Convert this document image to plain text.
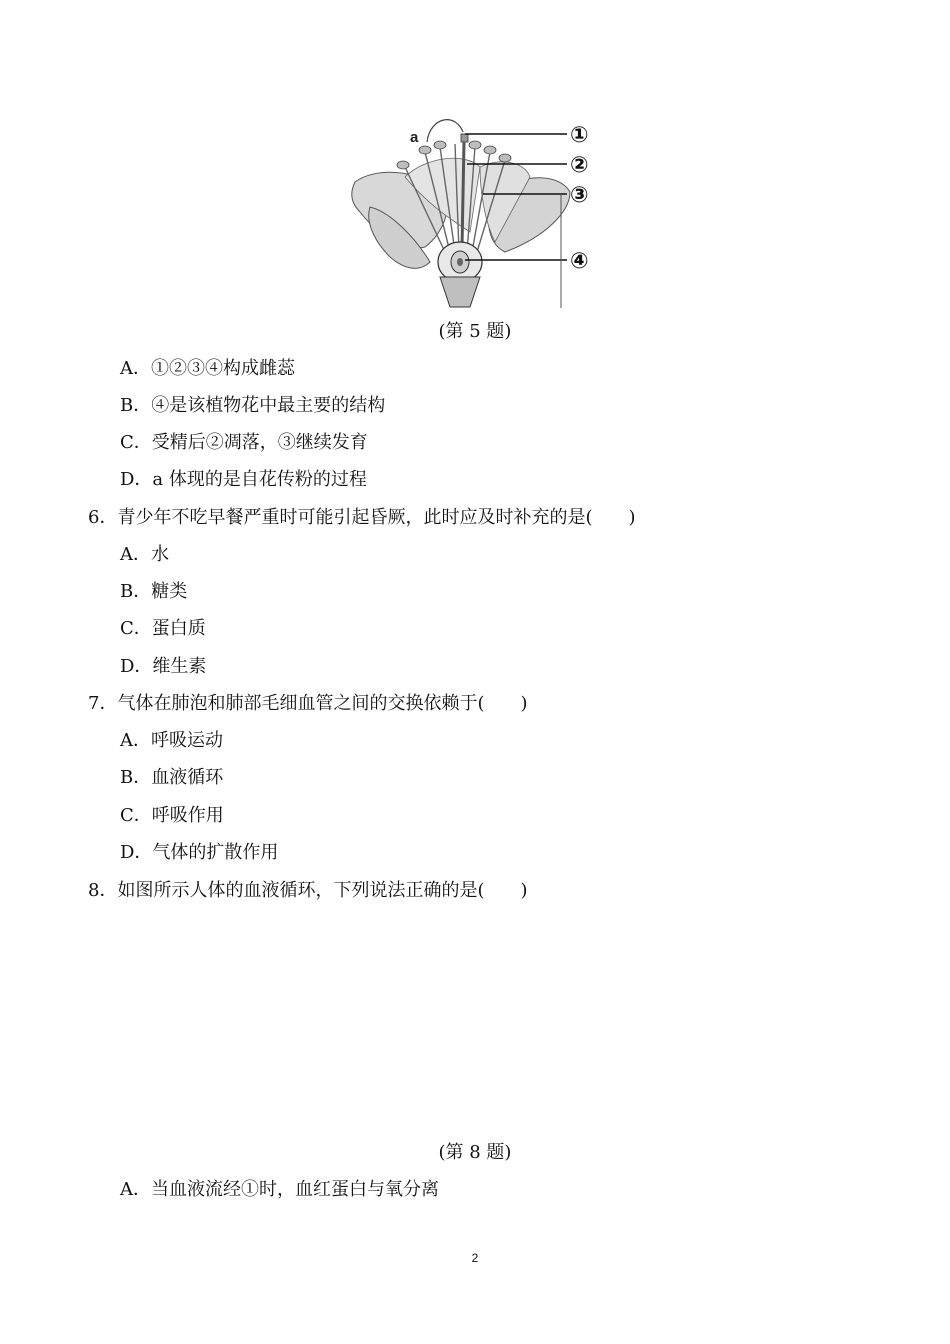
a	①
②
③
④
(第 5 题)
A．①②③④构成雌蕊
B．④是该植物花中最主要的结构
C．受精后②凋落，③继续发育
D．a 体现的是自花传粉的过程
6．青少年不吃早餐严重时可能引起昏厥，此时应及时补充的是(　　)
A．水
B．糖类
C．蛋白质
D．维生素
7．气体在肺泡和肺部毛细血管之间的交换依赖于(　　)
A．呼吸运动
B．血液循环
C．呼吸作用
D．气体的扩散作用
8．如图所示人体的血液循环，下列说法正确的是(　　)
(第 8 题)
A．当血液流经①时，血红蛋白与氧分离
2
